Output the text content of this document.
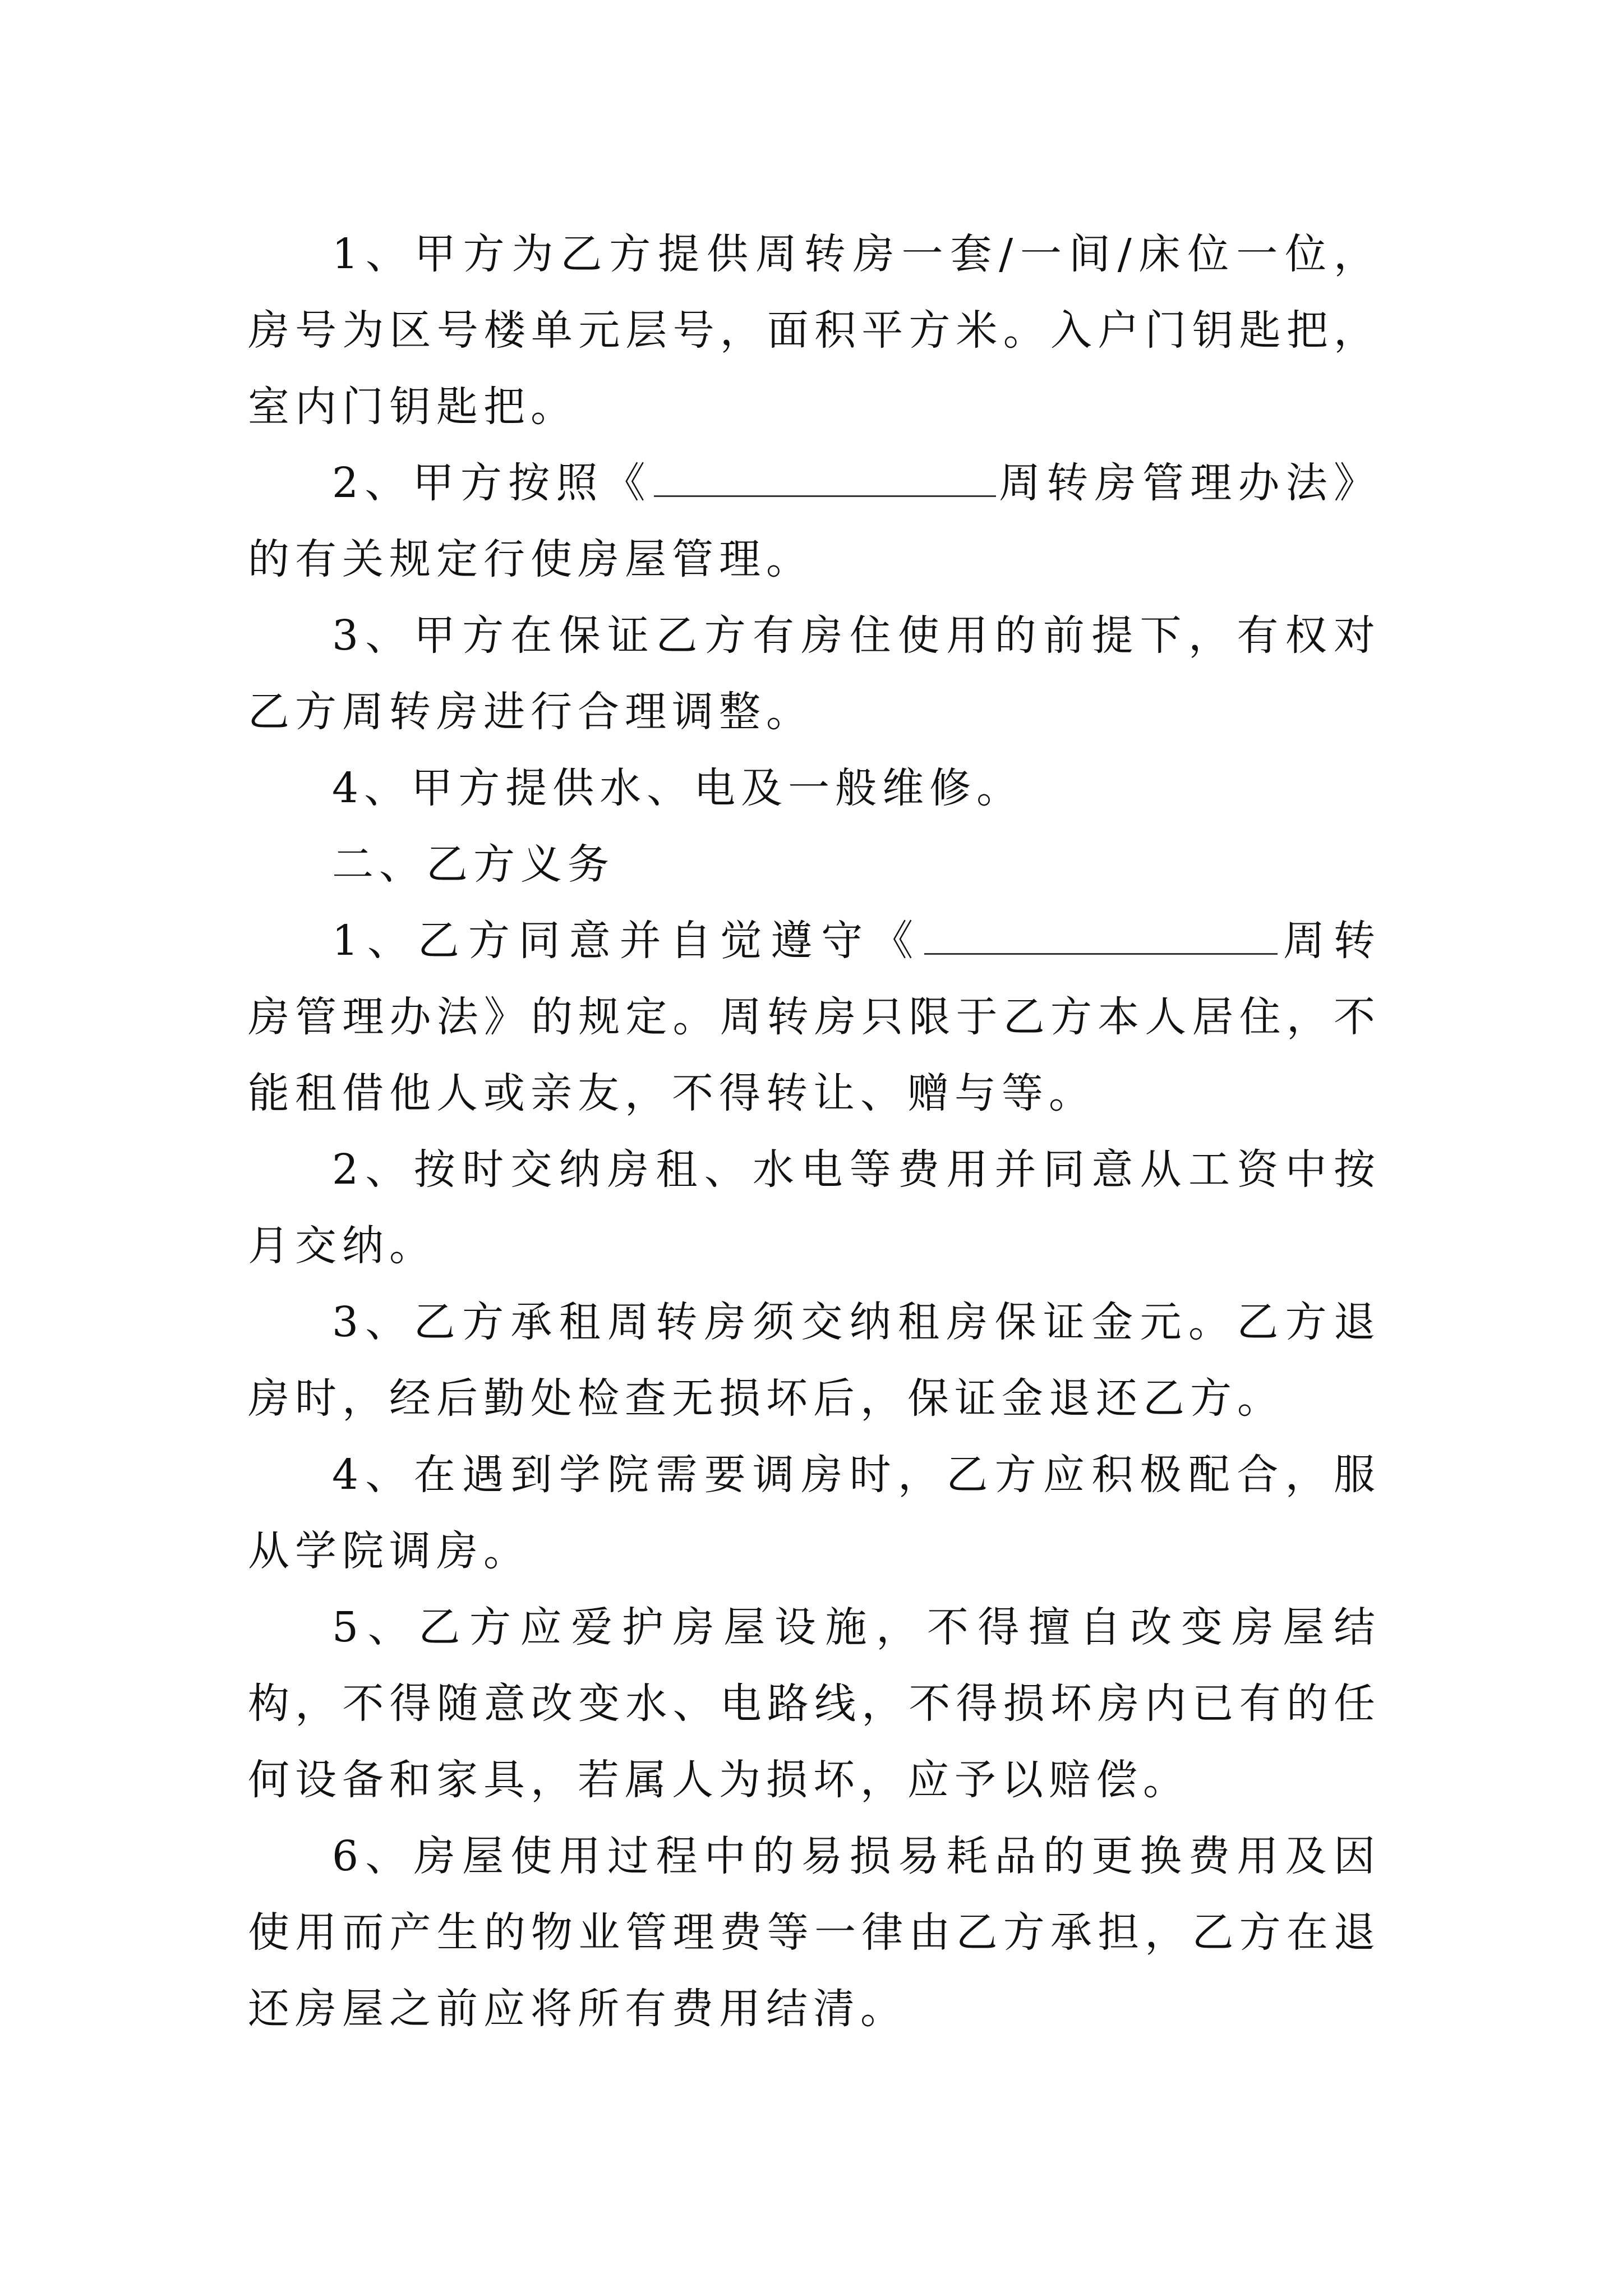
1、甲方为乙方提供周转房一套/一间/床位一位，房号为区号楼单元层号，面积平方米。入户门钥匙把，室内门钥匙把。

2、甲方按照《	周转房管理办法》的有关规定行使房屋管理。

3、甲方在保证乙方有房住使用的前提下，有权对乙方周转房进行合理调整。

4、甲方提供水、电及一般维修。

二、乙方义务

1、乙方同意并自觉遵守《	周转房管理办法》的规定。周转房只限于乙方本人居住，不能租借他人或亲友，不得转让、赠与等。

2、按时交纳房租、水电等费用并同意从工资中按月交纳。

3、乙方承租周转房须交纳租房保证金元。乙方退房时，经后勤处检查无损坏后，保证金退还乙方。

4、在遇到学院需要调房时，乙方应积极配合，服从学院调房。

5、乙方应爱护房屋设施，不得擅自改变房屋结构，不得随意改变水、电路线，不得损坏房内已有的任何设备和家具，若属人为损坏，应予以赔偿。

6、房屋使用过程中的易损易耗品的更换费用及因使用而产生的物业管理费等一律由乙方承担，乙方在退还房屋之前应将所有费用结清。
